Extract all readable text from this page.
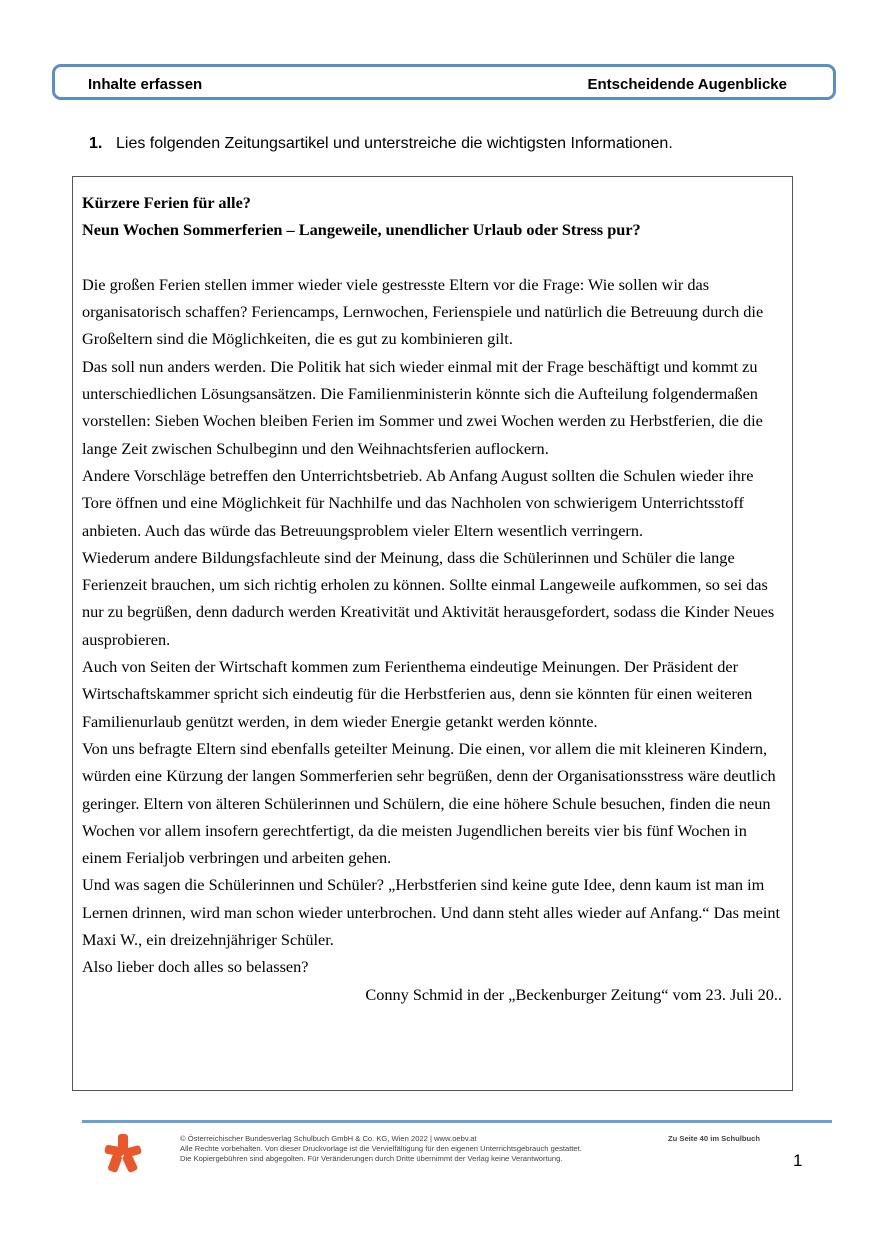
Inhalte erfassen	Entscheidende Augenblicke
1. Lies folgenden Zeitungsartikel und unterstreiche die wichtigsten Informationen.

Kürzere Ferien für alle?

Neun Wochen Sommerferien – Langeweile, unendlicher Urlaub oder Stress pur?

Die großen Ferien stellen immer wieder viele gestresste Eltern vor die Frage: Wie sollen wir das organisatorisch schaffen? Feriencamps, Lernwochen, Ferienspiele und natürlich die Betreuung durch die Großeltern sind die Möglichkeiten, die es gut zu kombinieren gilt.

Das soll nun anders werden. Die Politik hat sich wieder einmal mit der Frage beschäftigt und kommt zu unterschiedlichen Lösungsansätzen. Die Familienministerin könnte sich die Aufteilung folgendermaßen vorstellen: Sieben Wochen bleiben Ferien im Sommer und zwei Wochen werden zu Herbstferien, die die lange Zeit zwischen Schulbeginn und den Weihnachtsferien auflockern.

Andere Vorschläge betreffen den Unterrichtsbetrieb. Ab Anfang August sollten die Schulen wieder ihre Tore öffnen und eine Möglichkeit für Nachhilfe und das Nachholen von schwierigem Unterrichtsstoff anbieten. Auch das würde das Betreuungsproblem vieler Eltern wesentlich verringern.

Wiederum andere Bildungsfachleute sind der Meinung, dass die Schülerinnen und Schüler die lange Ferienzeit brauchen, um sich richtig erholen zu können. Sollte einmal Langeweile aufkommen, so sei das nur zu begrüßen, denn dadurch werden Kreativität und Aktivität herausgefordert, sodass die Kinder Neues ausprobieren.

Auch von Seiten der Wirtschaft kommen zum Ferienthema eindeutige Meinungen. Der Präsident der Wirtschaftskammer spricht sich eindeutig für die Herbstferien aus, denn sie könnten für einen weiteren Familienurlaub genützt werden, in dem wieder Energie getankt werden könnte.

Von uns befragte Eltern sind ebenfalls geteilter Meinung. Die einen, vor allem die mit kleineren Kindern, würden eine Kürzung der langen Sommerferien sehr begrüßen, denn der Organisationsstress wäre deutlich geringer. Eltern von älteren Schülerinnen und Schülern, die eine höhere Schule besuchen, finden die neun Wochen vor allem insofern gerechtfertigt, da die meisten Jugendlichen bereits vier bis fünf Wochen in einem Ferialjob verbringen und arbeiten gehen.

Und was sagen die Schülerinnen und Schüler? „Herbstferien sind keine gute Idee, denn kaum ist man im Lernen drinnen, wird man schon wieder unterbrochen. Und dann steht alles wieder auf Anfang.“ Das meint Maxi W., ein dreizehnjähriger Schüler.

Also lieber doch alles so belassen?

Conny Schmid in der „Beckenburger Zeitung“ vom 23. Juli 20..

© Österreichischer Bundesverlag Schulbuch GmbH & Co. KG, Wien 2022 | www.oebv.at
Alle Rechte vorbehalten. Von dieser Druckvorlage ist die Vervielfältigung für den eigenen Unterrichtsgebrauch gestattet.
Die Kopiergebühren sind abgegolten. Für Veränderungen durch Dritte übernimmt der Verlag keine Verantwortung.
Zu Seite 40 im Schulbuch
1
